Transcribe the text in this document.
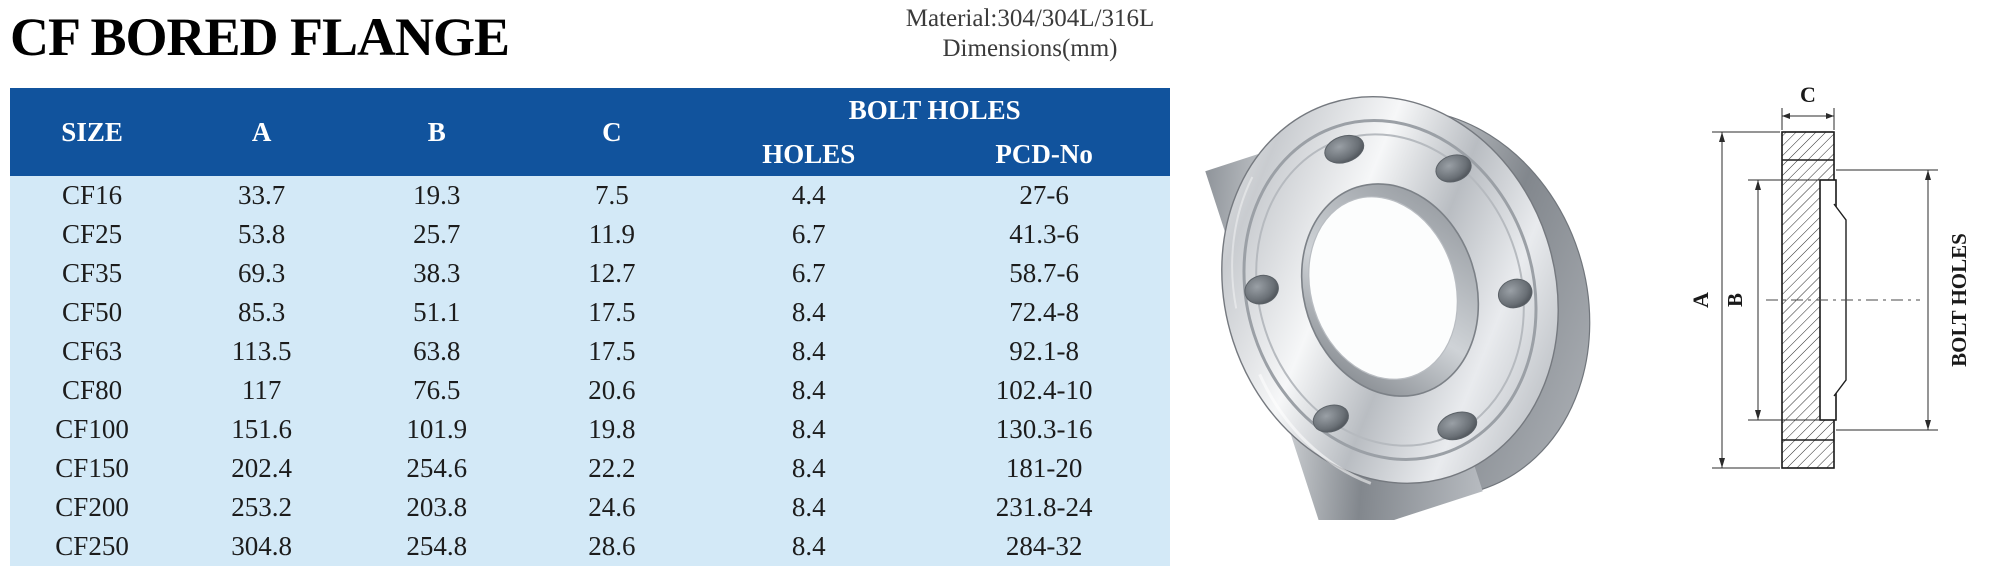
CF BORED FLANGE	Material:304/304L/316L
Dimensions(mm)
SIZE	A	B	C	BOLT HOLES	
				HOLES	PCD-No
CF16	33.7	19.3	7.5	4.4	27-6
CF25	53.8	25.7	11.9	6.7	41.3-6
CF35	69.3	38.3	12.7	6.7	58.7-6
CF50	85.3	51.1	17.5	8.4	72.4-8
CF63	113.5	63.8	17.5	8.4	92.1-8
CF80	117	76.5	20.6	8.4	102.4-10
CF100	151.6	101.9	19.8	8.4	130.3-16
CF150	202.4	254.6	22.2	8.4	181-20
CF200	253.2	203.8	24.6	8.4	231.8-24
CF250	304.8	254.8	28.6	8.4	284-32
C
A B	BOLT HOLES
